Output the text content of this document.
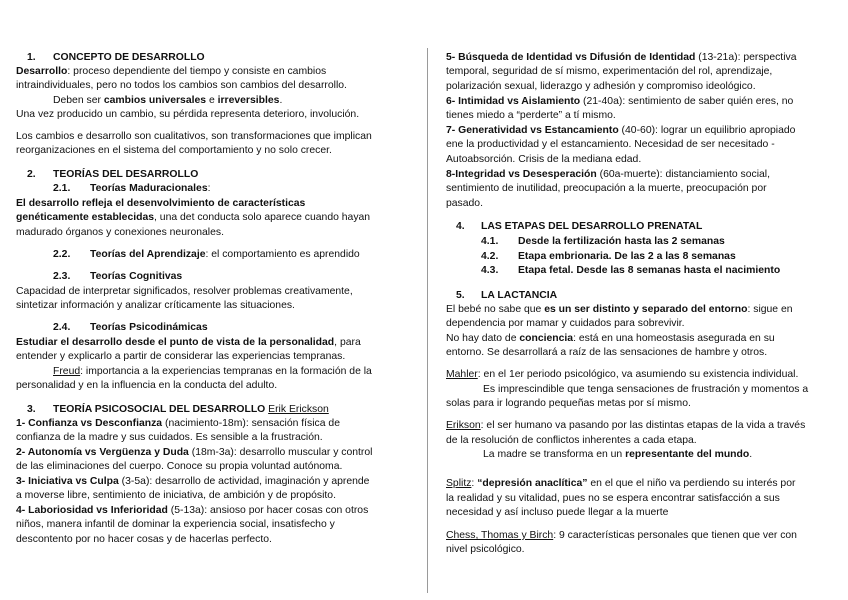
1. CONCEPTO DE DESARROLLO
Desarrollo: proceso dependiente del tiempo y consiste en cambios
intraindividuales, pero no todos los cambios son cambios del desarrollo.
Deben ser cambios universales e irreversibles.
Una vez producido un cambio, su pérdida representa deterioro, involución.
Los cambios e desarrollo son cualitativos, son transformaciones que implican
reorganizaciones en el sistema del comportamiento y no solo crecer.
2. TEORÍAS DEL DESARROLLO
2.1. Teorías Maduracionales:
El desarrollo refleja el desenvolvimiento de características
genéticamente establecidas, una det conducta solo aparece cuando hayan
madurado órganos y conexiones neuronales.
2.2. Teorías del Aprendizaje: el comportamiento es aprendido
2.3. Teorías Cognitivas
Capacidad de interpretar significados, resolver problemas creativamente,
sintetizar información y analizar críticamente las situaciones.
2.4. Teorías Psicodinámicas
Estudiar el desarrollo desde el punto de vista de la personalidad, para
entender y explicarlo a partir de considerar las experiencias tempranas.
Freud: importancia a la experiencias tempranas en la formación de la
personalidad y en la influencia en la conducta del adulto.
3. TEORÍA PSICOSOCIAL DEL DESARROLLO Erik Erickson
1- Confianza vs Desconfianza (nacimiento-18m): sensación física de
confianza de la madre y sus cuidados. Es sensible a la frustración.
2- Autonomía vs Vergüenza y Duda (18m-3a): desarrollo muscular y control
de las eliminaciones del cuerpo. Conoce su propia voluntad autónoma.
3- Iniciativa vs Culpa (3-5a): desarrollo de actividad, imaginación y aprende
a moverse libre, sentimiento de iniciativa, de ambición y de propósito.
4- Laboriosidad vs Inferioridad (5-13a): ansioso por hacer cosas con otros
niños, manera infantil de dominar la experiencia social, insatisfecho y
descontento por no hacer cosas y de hacerlas perfecto.
5- Búsqueda de Identidad vs Difusión de Identidad (13-21a): perspectiva
temporal, seguridad de sí mismo, experimentación del rol, aprendizaje,
polarización sexual, liderazgo y adhesión y compromiso ideológico.
6- Intimidad vs Aislamiento (21-40a): sentimiento de saber quién eres, no
tienes miedo a “perderte” a tí mismo.
7- Generatividad vs Estancamiento (40-60): lograr un equilibrio apropiado
ene la productividad y el estancamiento. Necesidad de ser necesitado -
Autoabsorción. Crisis de la mediana edad.
8-Integridad vs Desesperación (60a-muerte): distanciamiento social,
sentimiento de inutilidad, preocupación a la muerte, preocupación por
pasado.
4. LAS ETAPAS DEL DESARROLLO PRENATAL
4.1. Desde la fertilización hasta las 2 semanas
4.2. Etapa embrionaria. De las 2 a las 8 semanas
4.3. Etapa fetal. Desde las 8 semanas hasta el nacimiento
5. LA LACTANCIA
El bebé no sabe que es un ser distinto y separado del entorno: sigue en
dependencia por mamar y cuidados para sobrevivir.
No hay dato de conciencia: está en una homeostasis asegurada en su
entorno. Se desarrollará a raíz de las sensaciones de hambre y otros.
Mahler: en el 1er periodo psicológico, va asumiendo su existencia individual.
Es imprescindible que tenga sensaciones de frustración y momentos a
solas para ir logrando pequeñas metas por sí mismo.
Erikson: el ser humano va pasando por las distintas etapas de la vida a través
de la resolución de conflictos inherentes a cada etapa.
La madre se transforma en un representante del mundo.
Splitz: “depresión anaclítica” en el que el niño va perdiendo su interés por
la realidad y su vitalidad, pues no se espera encontrar satisfacción a sus
necesidad y así incluso puede llegar a la muerte
Chess, Thomas y Birch: 9 características personales que tienen que ver con
nivel psicológico.
